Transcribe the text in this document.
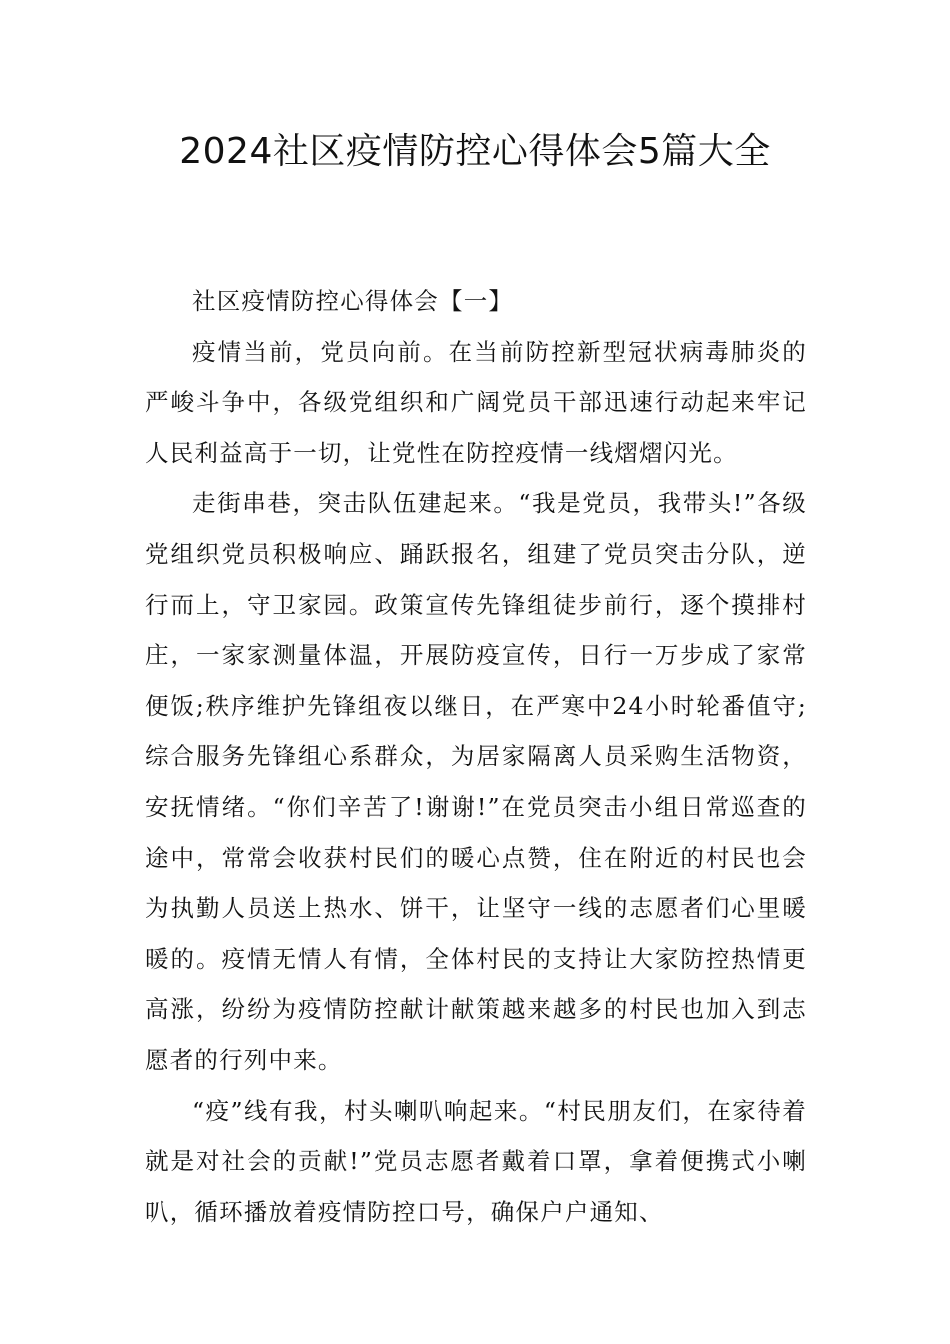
2024社区疫情防控心得体会5篇大全

社区疫情防控心得体会【一】

疫情当前，党员向前。在当前防控新型冠状病毒肺炎的严峻斗争中，各级党组织和广阔党员干部迅速行动起来牢记人民利益高于一切，让党性在防控疫情一线熠熠闪光。

走街串巷，突击队伍建起来。“我是党员，我带头!”各级党组织党员积极响应、踊跃报名，组建了党员突击分队，逆行而上，守卫家园。政策宣传先锋组徒步前行，逐个摸排村庄，一家家测量体温，开展防疫宣传，日行一万步成了家常便饭;秩序维护先锋组夜以继日，在严寒中24小时轮番值守;综合服务先锋组心系群众，为居家隔离人员采购生活物资，安抚情绪。“你们辛苦了!谢谢!”在党员突击小组日常巡查的途中，常常会收获村民们的暖心点赞，住在附近的村民也会为执勤人员送上热水、饼干，让坚守一线的志愿者们心里暖暖的。疫情无情人有情，全体村民的支持让大家防控热情更高涨，纷纷为疫情防控献计献策越来越多的村民也加入到志愿者的行列中来。

“疫”线有我，村头喇叭响起来。“村民朋友们，在家待着就是对社会的贡献!”党员志愿者戴着口罩，拿着便携式小喇叭，循环播放着疫情防控口号，确保户户通知、
